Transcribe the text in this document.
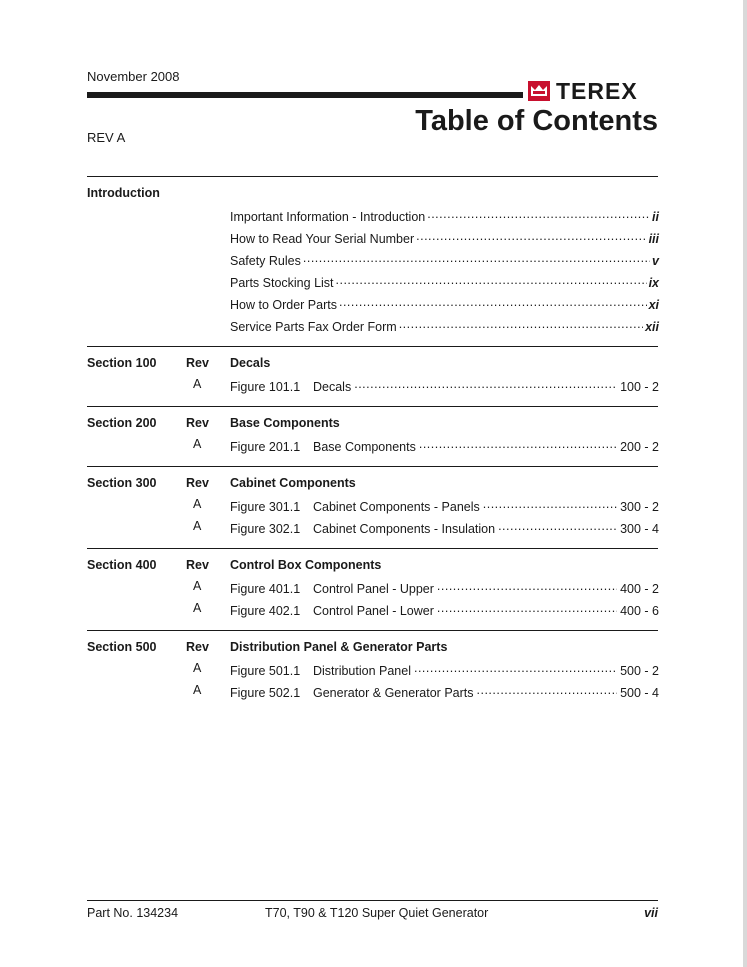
November 2008
TEREX
REV A
Table of Contents
Introduction
Important Information - Introduction .....	ii
How to Read Your Serial Number .....	iii
Safety Rules .....	v
Parts Stocking List .....	ix
How to Order Parts .....	xi
Service Parts Fax Order Form .....	xii
Section 100 Rev Decals
A Figure 101.1	Decals .....	100 - 2
Section 200 Rev Base Components
A Figure 201.1	Base Components .....	200 - 2
Section 300 Rev Cabinet Components
A Figure 301.1	Cabinet Components - Panels .....	300 - 2
A Figure 302.1	Cabinet Components - Insulation .....	300 - 4
Section 400 Rev Control Box Components
A Figure 401.1	Control Panel - Upper .....	400 - 2
A Figure 402.1	Control Panel - Lower .....	400 - 6
Section 500 Rev Distribution Panel & Generator Parts
A Figure 501.1	Distribution Panel .....	500 - 2
A Figure 502.1	Generator & Generator Parts .....	500 - 4
Part No. 134234	T70, T90 & T120 Super Quiet Generator	vii
